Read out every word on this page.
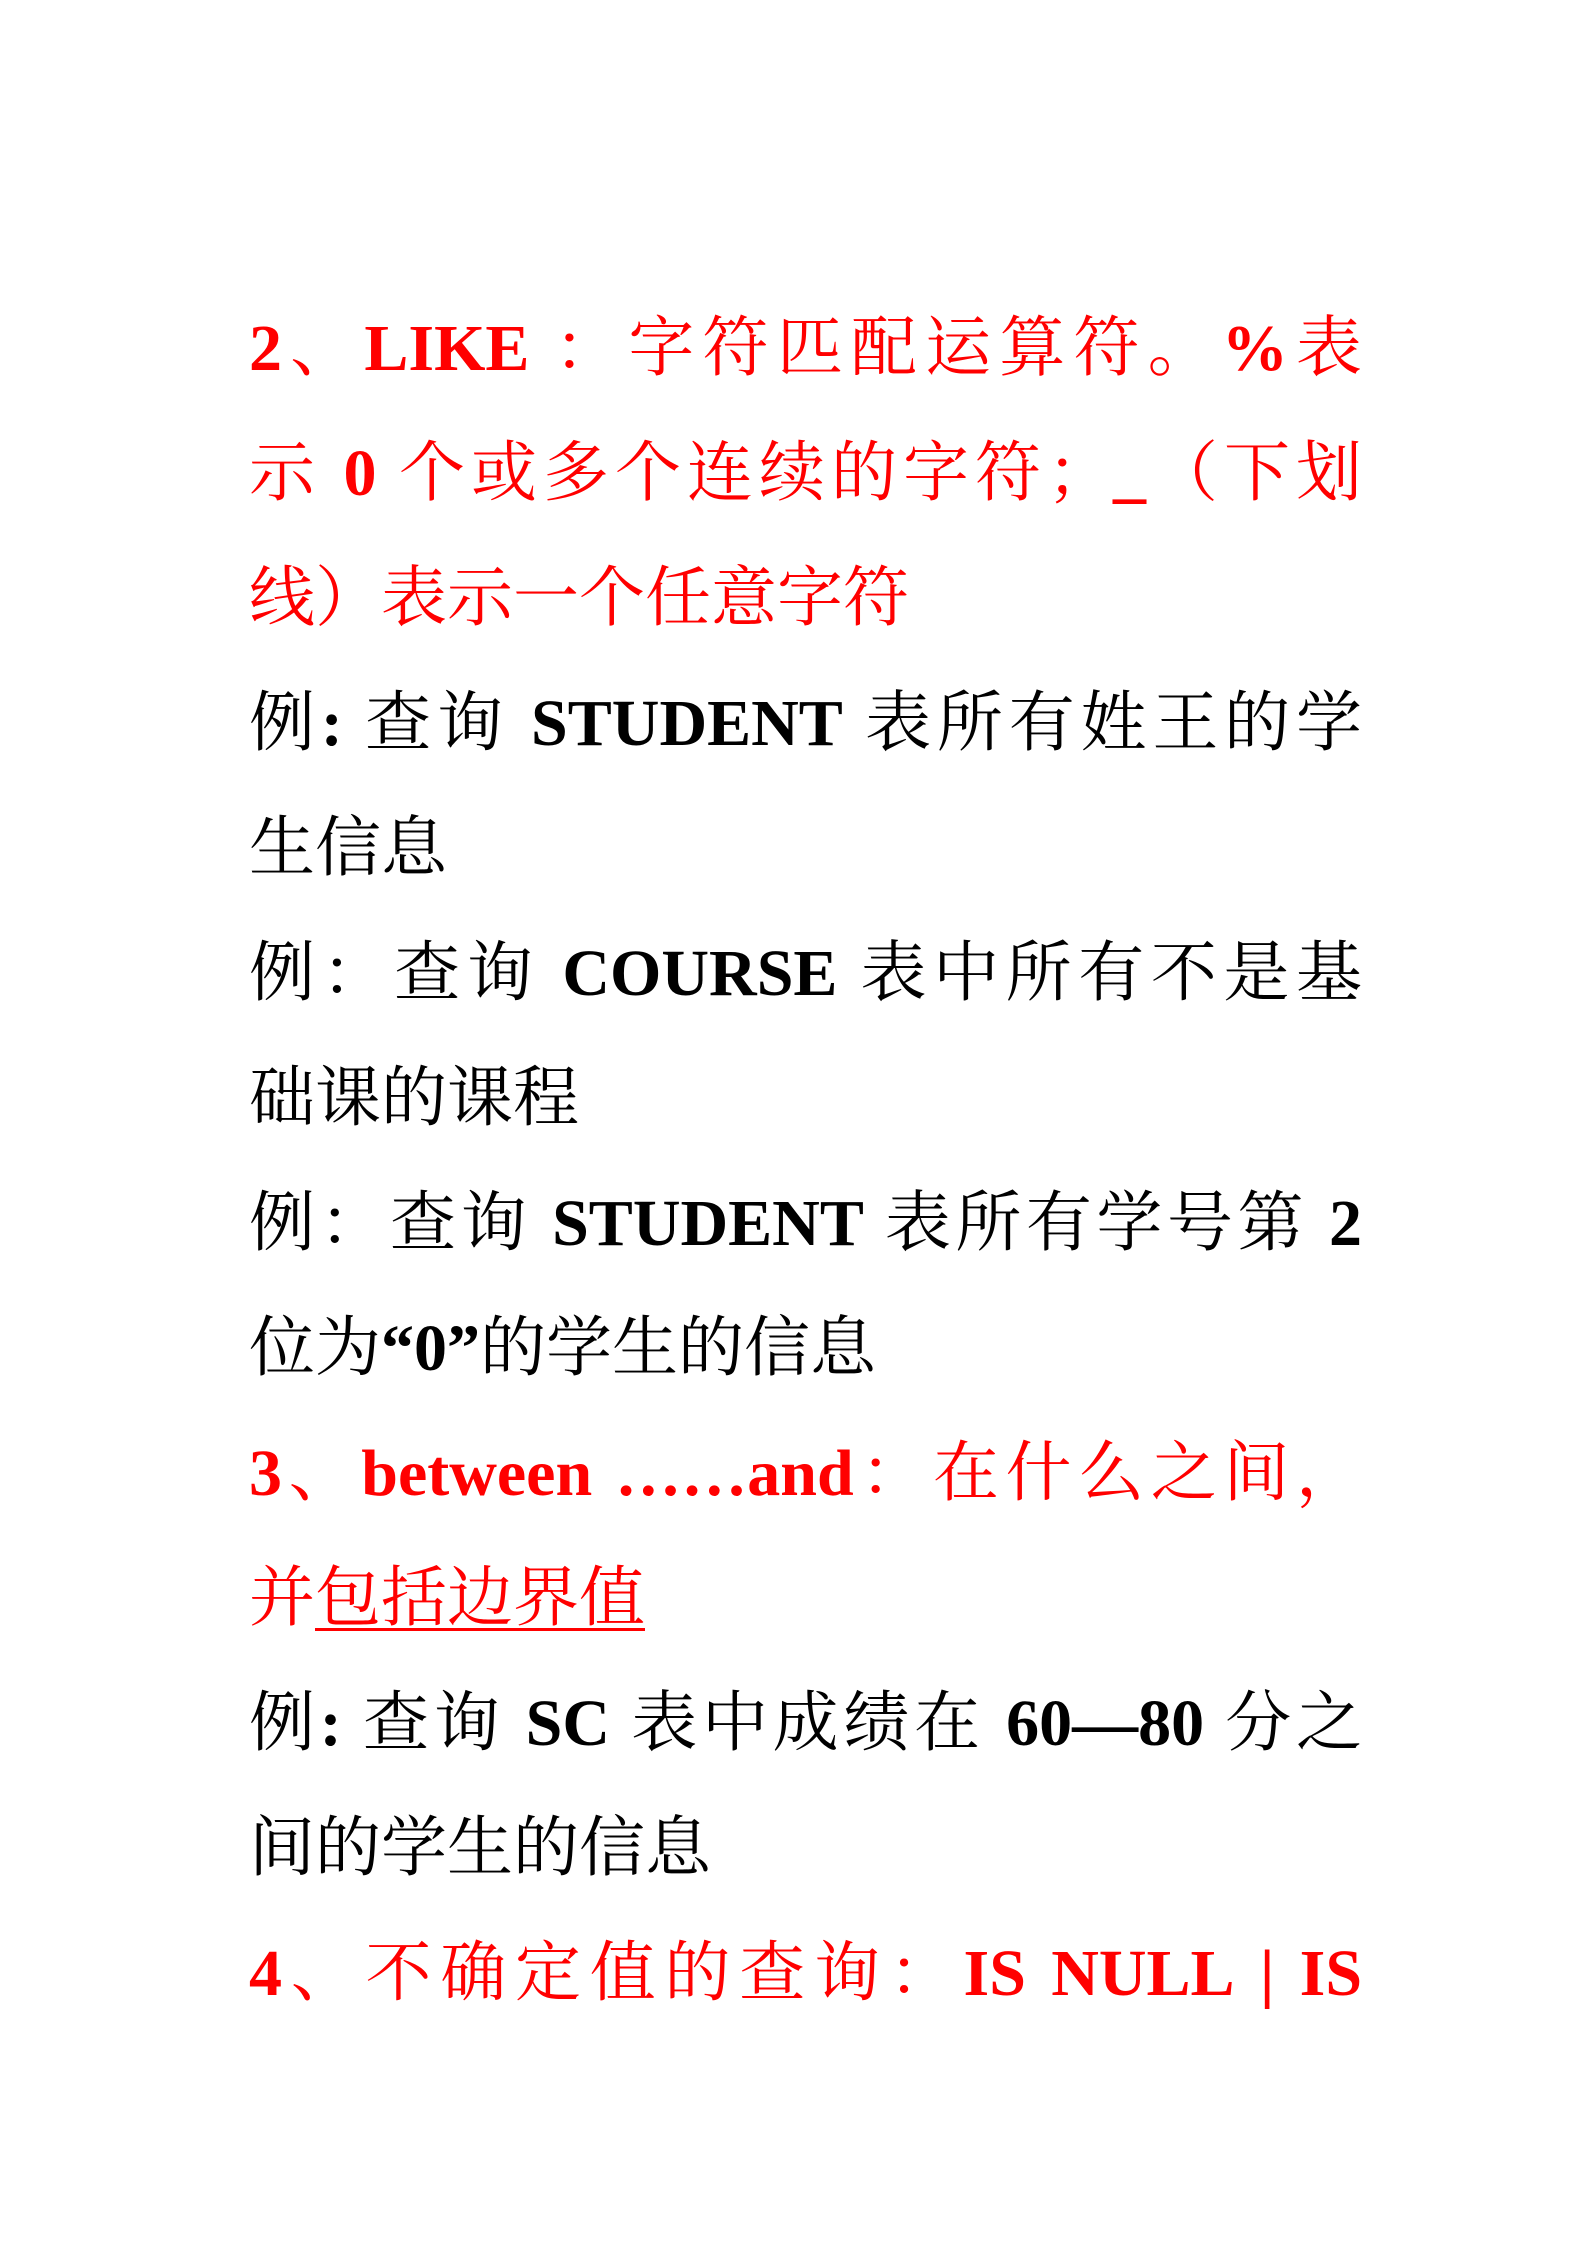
2、LIKE ：字符匹配运算符。%表
示 0 个或多个连续的字符；_（下划
线）表示一个任意字符
例: 查询 STUDENT 表所有姓王的学
生信息
例：查询 COURSE 表中所有不是基
础课的课程
例：查询 STUDENT 表所有学号第 2
位为“0”的学生的信息
3、between ……and：在什么之间，
并包括边界值
例: 查询 SC 表中成绩在 60—80 分之
间的学生的信息
4、不确定值的查询：IS NULL | IS
